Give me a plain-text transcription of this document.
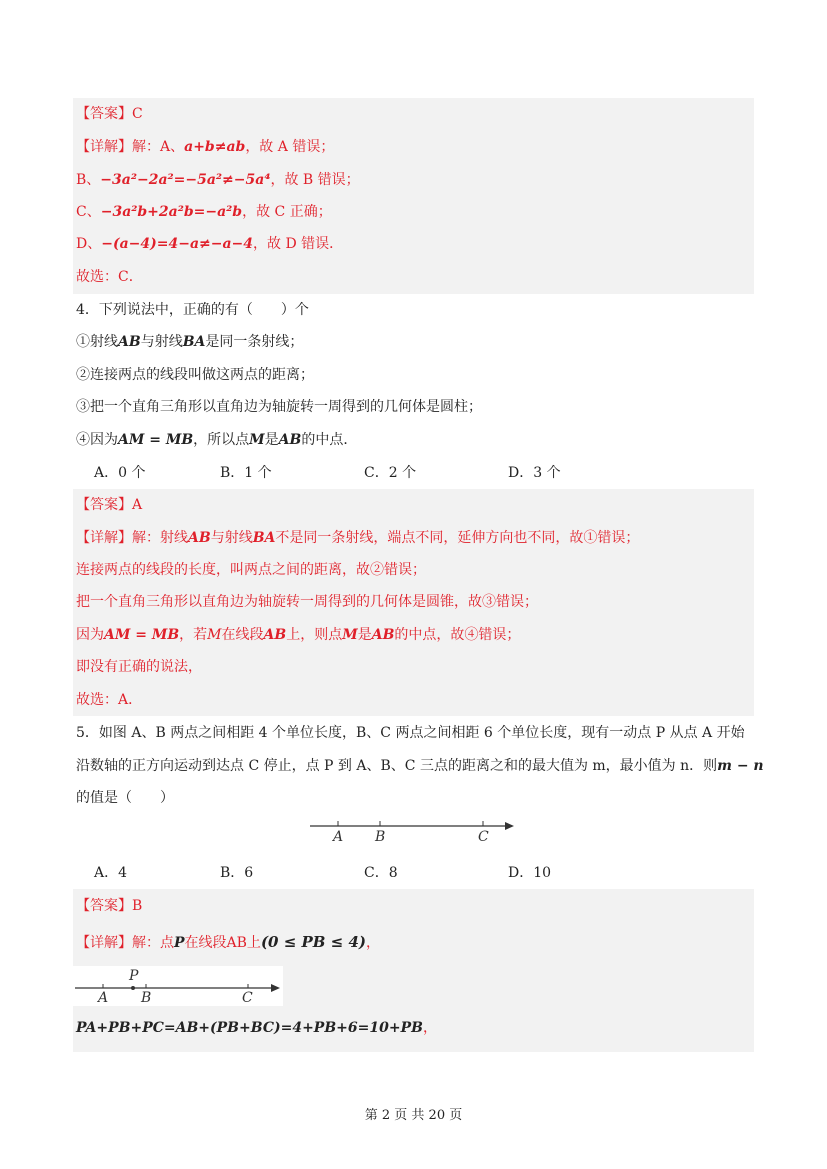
【答案】C
【详解】解：A、a+b≠ab，故 A 错误；
B、−3a²−2a²=−5a²≠−5a⁴，故 B 错误；
C、−3a²b+2a²b=−a²b，故 C 正确；
D、−(a−4)=4−a≠−a−4，故 D 错误．
故选：C．
4．下列说法中，正确的有（　　）个
①射线AB与射线BA是同一条射线；
②连接两点的线段叫做这两点的距离；
③把一个直角三角形以直角边为轴旋转一周得到的几何体是圆柱；
④因为AM = MB，所以点M是AB的中点．
A．0 个	B．1 个	C．2 个	D．3 个
【答案】A
【详解】解：射线AB与射线BA不是同一条射线，端点不同，延伸方向也不同，故①错误；
连接两点的线段的长度，叫两点之间的距离，故②错误；
把一个直角三角形以直角边为轴旋转一周得到的几何体是圆锥，故③错误；
因为AM = MB，若M在线段AB上，则点M是AB的中点，故④错误；
即没有正确的说法，
故选：A．
5．如图 A、B 两点之间相距 4 个单位长度，B、C 两点之间相距 6 个单位长度，现有一动点 P 从点 A 开始
沿数轴的正方向运动到达点 C 停止，点 P 到 A、B、C 三点的距离之和的最大值为 m，最小值为 n．则m − n
的值是（　　）
A B	C
A．4	B．6	C．8	D．10
【答案】B
【详解】解：点P在线段AB上(0 ≤ PB ≤ 4)，
P
A B	C
PA+PB+PC=AB+(PB+BC)=4+PB+6=10+PB，
第 2 页 共 20 页
